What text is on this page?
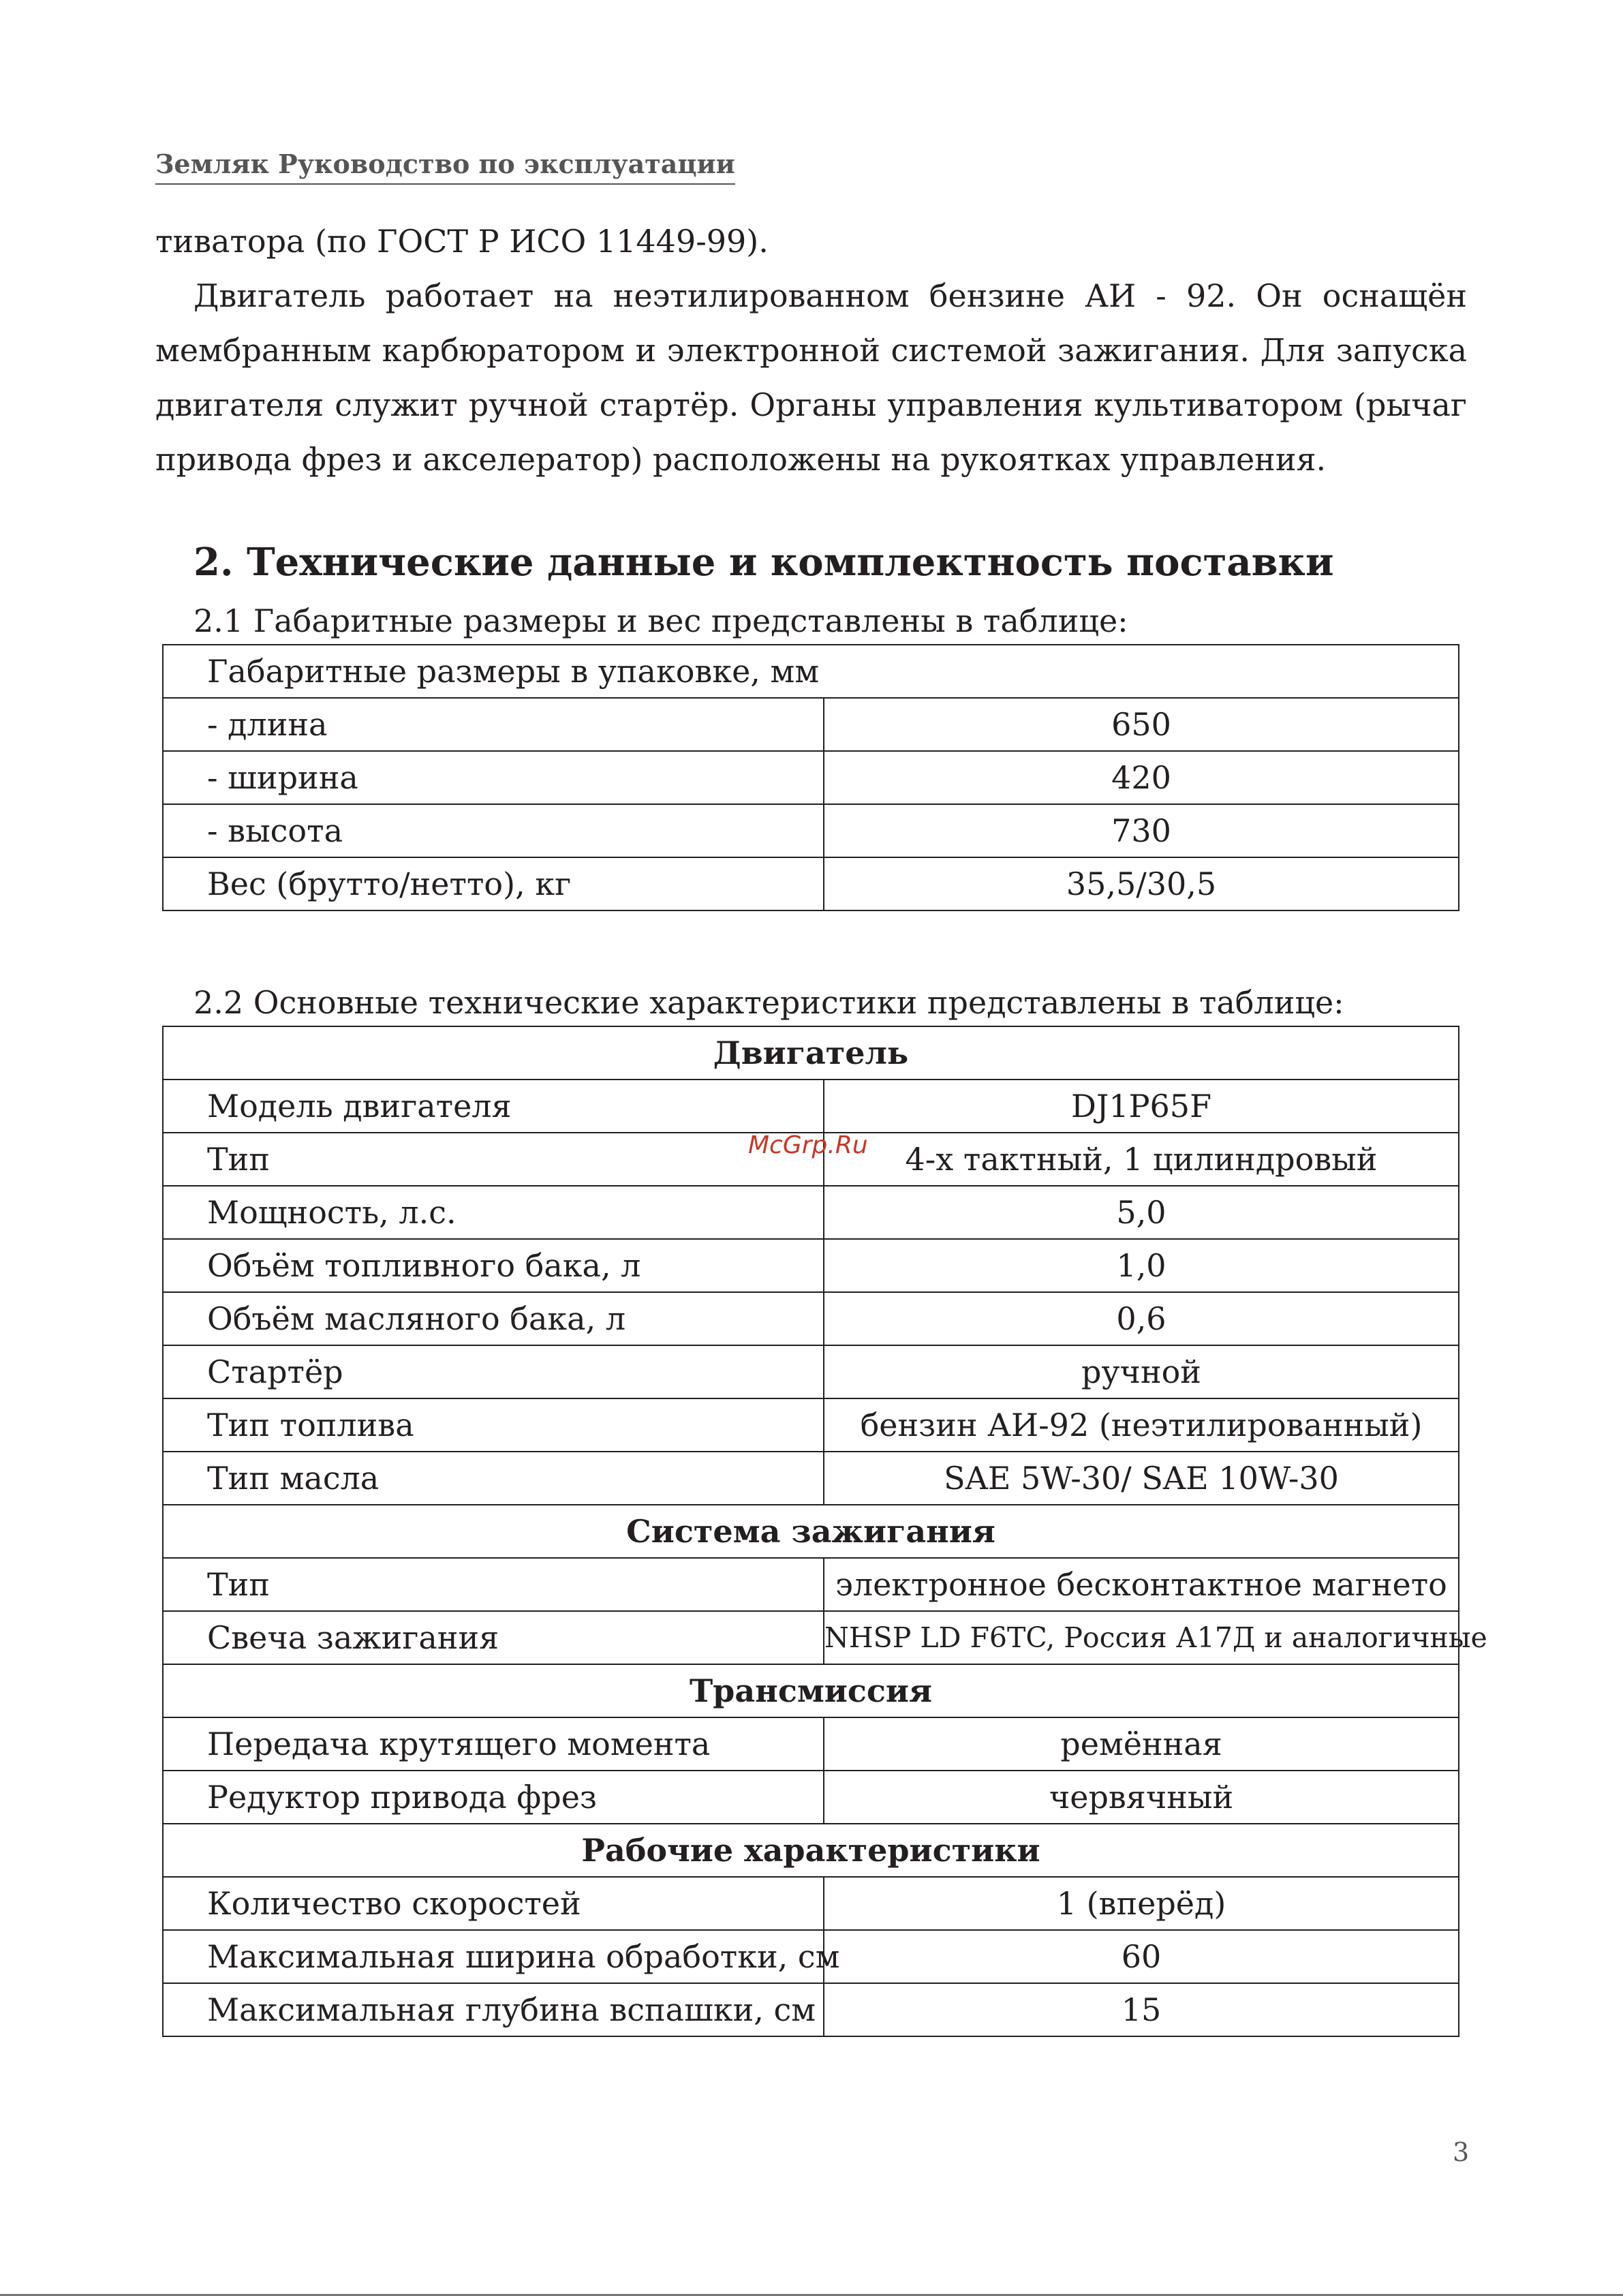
Земляк Руководство по эксплуатации
тиватора (по ГОСТ Р ИСО 11449-99).
Двигатель работает на неэтилированном бензине АИ - 92. Он оснащён мембранным карбюратором и электронной системой зажигания. Для запуска двигателя служит ручной стартёр. Органы управления культиватором (рычаг привода фрез и акселератор) расположены на рукоятках управления.
2. Технические данные и комплектность поставки
2.1 Габаритные размеры и вес представлены в таблице:
Габаритные размеры в упаковке, мм	
- длина	650
- ширина	420
- высота	730
Вес (брутто/нетто), кг	35,5/30,5
2.2 Основные технические характеристики представлены в таблице:
Двигатель	
Модель двигателя	DJ1P65F
Тип	4-х тактный, 1 цилиндровый
Мощность, л.с.	5,0
Объём топливного бака, л	1,0
Объём масляного бака, л	0,6
Стартёр	ручной
Тип топлива	бензин АИ-92 (неэтилированный)
Тип масла	SAE 5W-30/ SAE 10W-30
Система зажигания	
Тип	электронное бесконтактное магнето
Свеча зажигания	NHSP LD F6TC, Россия А17Д и аналогичные
Трансмиссия	
Передача крутящего момента	ремённая
Редуктор привода фрез	червячный
Рабочие характеристики	
Количество скоростей	1 (вперёд)
Максимальная ширина обработки, см	60
Максимальная глубина вспашки, см	15
McGrp.Ru
3
